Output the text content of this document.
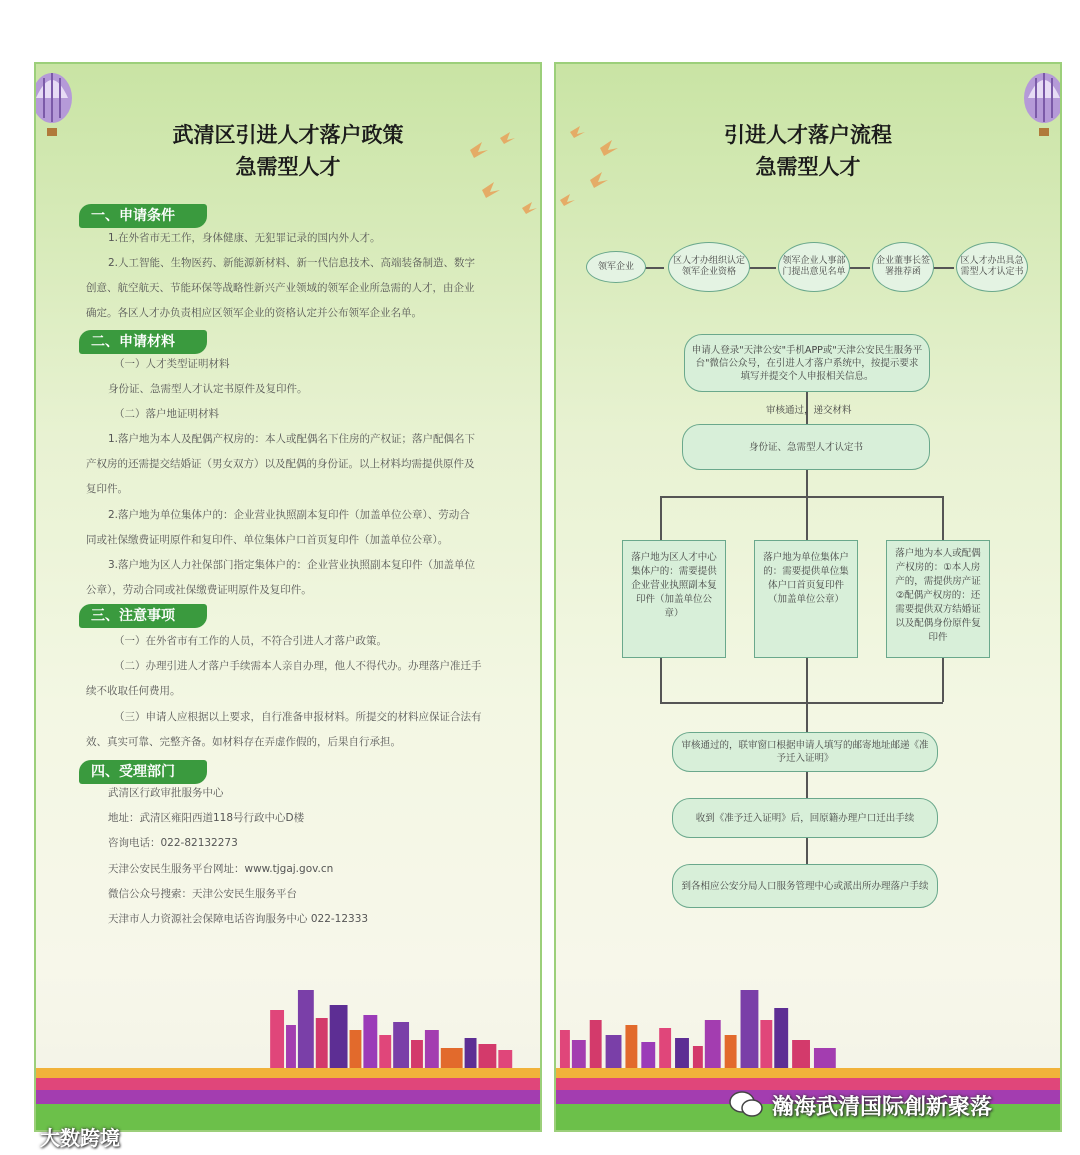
武清区引进人才落户政策
急需型人才
一、申请条件
1.在外省市无工作，身体健康、无犯罪记录的国内外人才。
2.人工智能、生物医药、新能源新材料、新一代信息技术、高端装备制造、数字
创意、航空航天、节能环保等战略性新兴产业领域的领军企业所急需的人才，由企业
确定。各区人才办负责相应区领军企业的资格认定并公布领军企业名单。
二、申请材料
（一）人才类型证明材料
身份证、急需型人才认定书原件及复印件。
（二）落户地证明材料
1.落户地为本人及配偶产权房的：本人或配偶名下住房的产权证；落户配偶名下
产权房的还需提交结婚证（男女双方）以及配偶的身份证。以上材料均需提供原件及
复印件。
2.落户地为单位集体户的：企业营业执照副本复印件（加盖单位公章）、劳动合
同或社保缴费证明原件和复印件、单位集体户口首页复印件（加盖单位公章）。
3.落户地为区人力社保部门指定集体户的：企业营业执照副本复印件（加盖单位
公章），劳动合同或社保缴费证明原件及复印件。
三、注意事项
（一）在外省市有工作的人员，不符合引进人才落户政策。
（二）办理引进人才落户手续需本人亲自办理，他人不得代办。办理落户准迁手
续不收取任何费用。
（三）申请人应根据以上要求，自行准备申报材料。所提交的材料应保证合法有
效、真实可靠、完整齐备。如材料存在弄虚作假的，后果自行承担。
四、受理部门
武清区行政审批服务中心
地址：武清区雍阳西道118号行政中心D楼
咨询电话：022-82132273
天津公安民生服务平台网址：www.tjgaj.gov.cn
微信公众号搜索：天津公安民生服务平台
天津市人力资源社会保障电话咨询服务中心 022-12333
引进人才落户流程
急需型人才
领军企业
区人才办组织认定领军企业资格
领军企业人事部门提出意见名单
企业董事长签署推荐函
区人才办出具急需型人才认定书
申请人登录"天津公安"手机APP或"天津公安民生服务平台"微信公众号，在引进人才落户系统中，按提示要求填写并提交个人申报相关信息。
审核通过，递交材料
身份证、急需型人才认定书
落户地为区人才中心集体户的：需要提供企业营业执照副本复印件（加盖单位公章）
落户地为单位集体户的：需要提供单位集体户口首页复印件（加盖单位公章）
落户地为本人或配偶产权房的：①本人房产的，需提供房产证②配偶产权房的：还需要提供双方结婚证以及配偶身份原件复印件
审核通过的，联审窗口根据申请人填写的邮寄地址邮递《准予迁入证明》
收到《准予迁入证明》后，回原籍办理户口迁出手续
到各相应公安分局人口服务管理中心或派出所办理落户手续
大数跨境
瀚海武清国际創新聚落
